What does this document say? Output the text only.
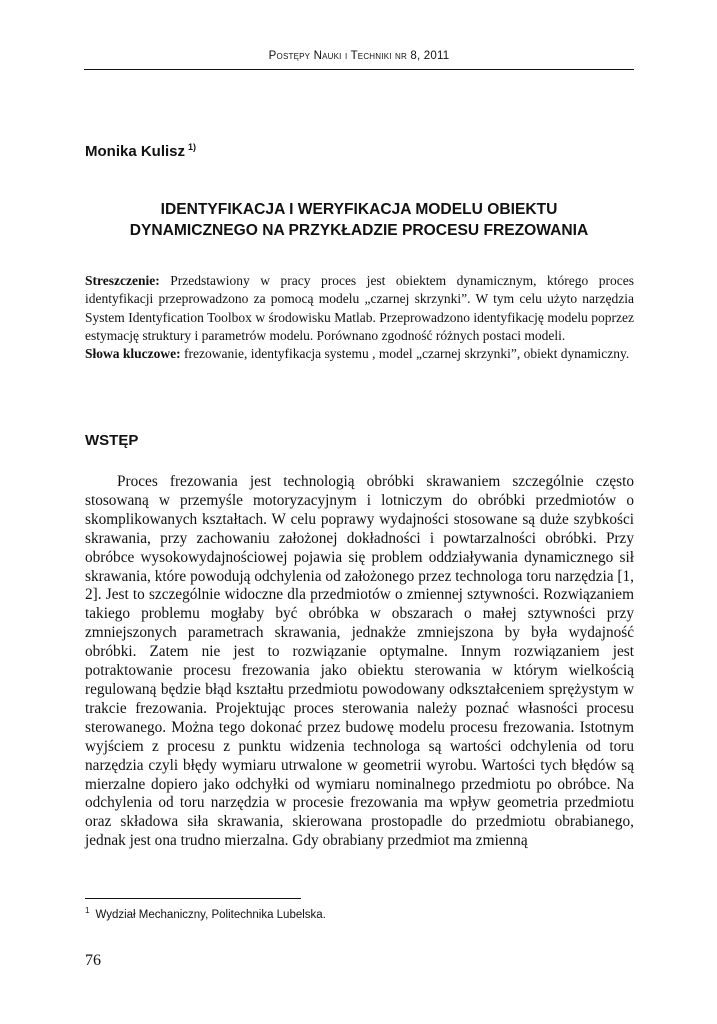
Postępy Nauki i Techniki nr 8, 2011
Monika Kulisz $^{1)}$
IDENTYFIKACJA I WERYFIKACJA MODELU OBIEKTU
DYNAMICZNEGO NA PRZYKŁADZIE PROCESU FREZOWANIA

Streszczenie: Przedstawiony w pracy proces jest obiektem dynamicznym, którego proces identyfikacji przeprowadzono za pomocą modelu „czarnej skrzynki”. W tym celu użyto narzędzia System Identyfication Toolbox w środowisku Matlab. Przeprowadzono identyfikację modelu poprzez estymację struktury i parametrów modelu. Porównano zgodność różnych postaci modeli.

Słowa kluczowe: frezowanie, identyfikacja systemu , model „czarnej skrzynki”, obiekt dynamiczny.

WSTĘP

Proces frezowania jest technologią obróbki skrawaniem szczególnie często stosowaną w przemyśle motoryzacyjnym i lotniczym do obróbki przedmiotów o skomplikowanych kształtach. W celu poprawy wydajności stosowane są duże szybkości skrawania, przy zachowaniu założonej dokładności i powtarzalności obróbki. Przy obróbce wysokowydajnościowej pojawia się problem oddziaływania dynamicznego sił skrawania, które powodują odchylenia od założonego przez technologa toru narzędzia [1, 2]. Jest to szczególnie widoczne dla przedmiotów o zmiennej sztywności. Rozwiązaniem takiego problemu mogłaby być obróbka w obszarach o małej sztywności przy zmniejszonych parametrach skrawania, jednakże zmniejszona by była wydajność obróbki. Zatem nie jest to rozwiązanie optymalne. Innym rozwiązaniem jest potraktowanie procesu frezowania jako obiektu sterowania w którym wielkością regulowaną będzie błąd kształtu przedmiotu powodowany odkształceniem sprężystym w trakcie frezowania. Projektując proces sterowania należy poznać własności procesu sterowanego. Można tego dokonać przez budowę modelu procesu frezowania. Istotnym wyjściem z procesu z punktu widzenia technologa są wartości odchylenia od toru narzędzia czyli błędy wymiaru utrwalone w geometrii wyrobu. Wartości tych błędów są mierzalne dopiero jako odchyłki od wymiaru nominalnego przedmiotu po obróbce. Na odchylenia od toru narzędzia w procesie frezowania ma wpływ geometria przedmiotu oraz składowa siła skrawania, skierowana prostopadle do przedmiotu obrabianego, jednak jest ona trudno mierzalna. Gdy obrabiany przedmiot ma zmienną

$^1$ Wydział Mechaniczny, Politechnika Lubelska.
76
